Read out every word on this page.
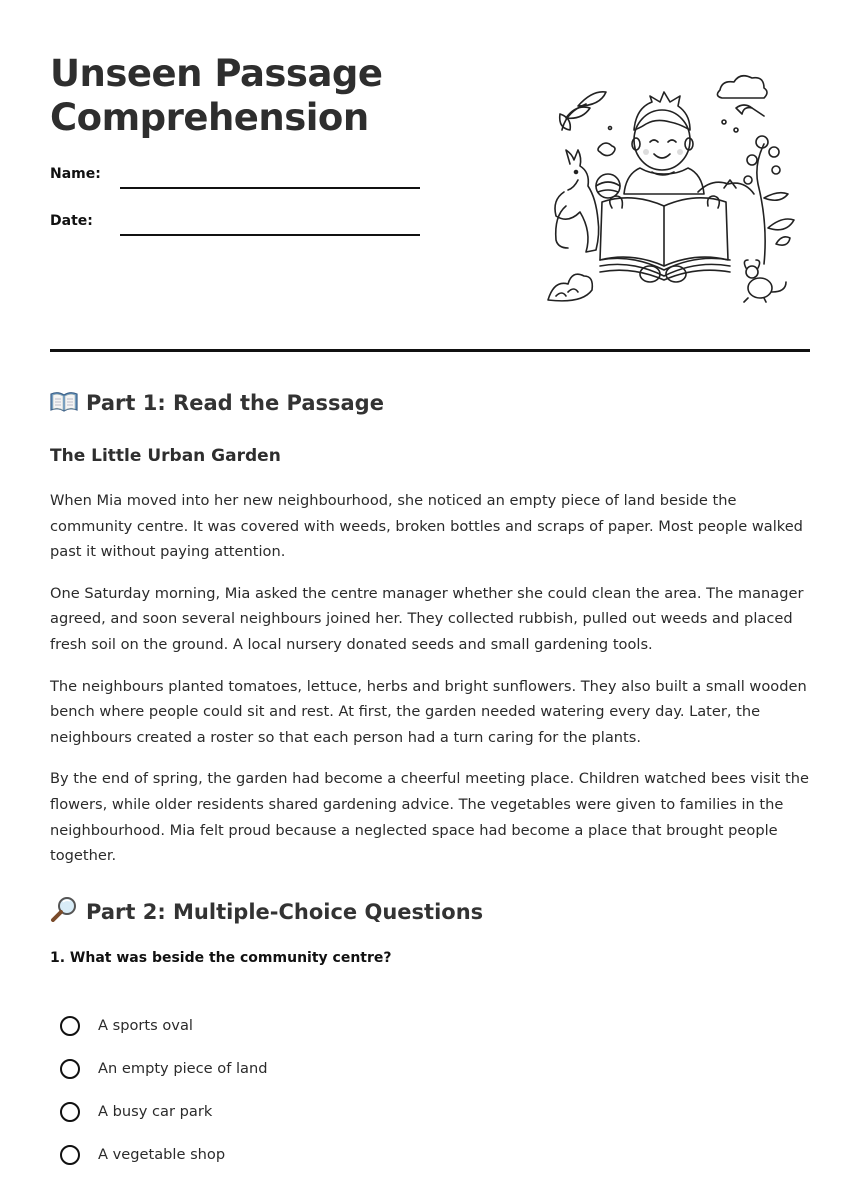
Unseen Passage
Comprehension
Name:
Date:
Part 1: Read the Passage
The Little Urban Garden

When Mia moved into her new neighbourhood, she noticed an empty piece of land beside the community centre. It was covered with weeds, broken bottles and scraps of paper. Most people walked past it without paying attention.

One Saturday morning, Mia asked the centre manager whether she could clean the area. The manager agreed, and soon several neighbours joined her. They collected rubbish, pulled out weeds and placed fresh soil on the ground. A local nursery donated seeds and small gardening tools.

The neighbours planted tomatoes, lettuce, herbs and bright sunflowers. They also built a small wooden bench where people could sit and rest. At first, the garden needed watering every day. Later, the neighbours created a roster so that each person had a turn caring for the plants.

By the end of spring, the garden had become a cheerful meeting place. Children watched bees visit the flowers, while older residents shared gardening advice. The vegetables were given to families in the neighbourhood. Mia felt proud because a neglected space had become a place that brought people together.

Part 2: Multiple-Choice Questions
1. What was beside the community centre?
A sports oval
An empty piece of land
A busy car park
A vegetable shop
